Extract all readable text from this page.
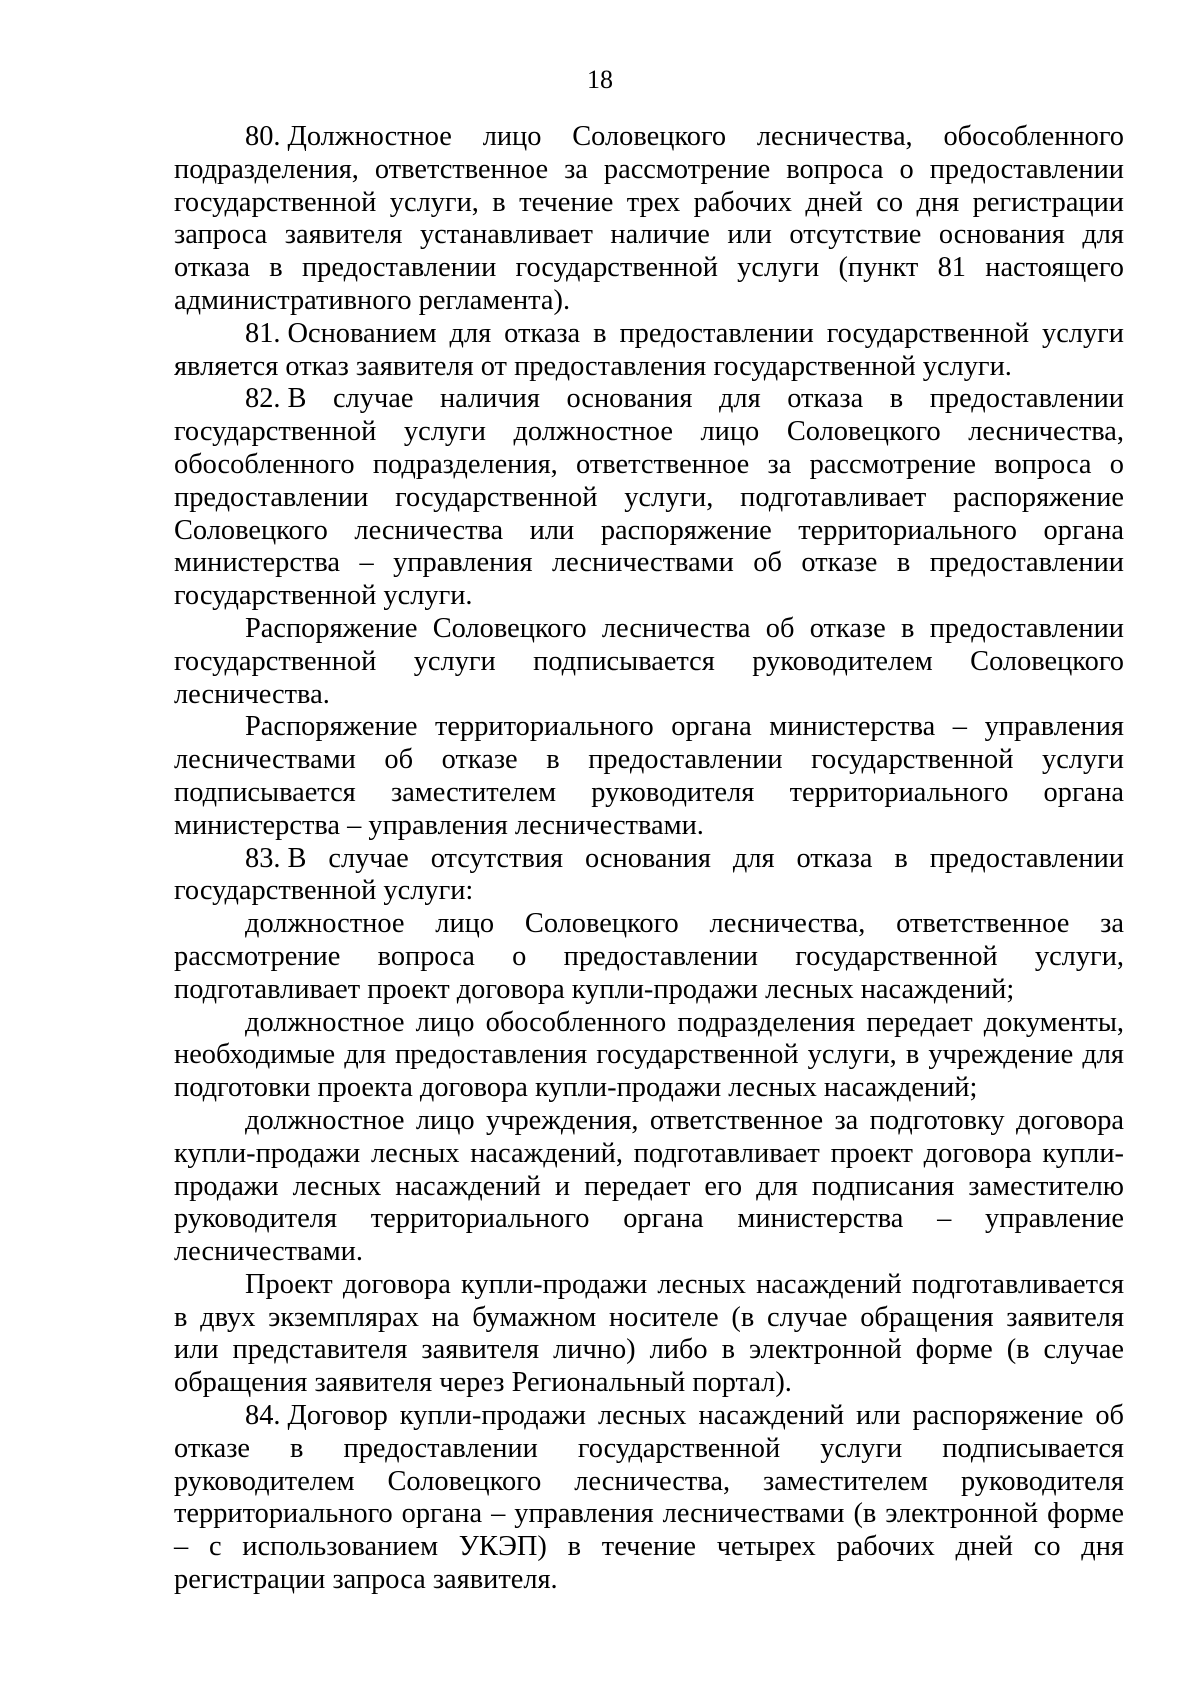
18

80. Должностное лицо Соловецкого лесничества, обособленного подразделения, ответственное за рассмотрение вопроса о предоставлении государственной услуги, в течение трех рабочих дней со дня регистрации запроса заявителя устанавливает наличие или отсутствие основания для отказа в предоставлении государственной услуги (пункт 81 настоящего административного регламента).

81. Основанием для отказа в предоставлении государственной услуги является отказ заявителя от предоставления государственной услуги.

82. В случае наличия основания для отказа в предоставлении государственной услуги должностное лицо Соловецкого лесничества, обособленного подразделения, ответственное за рассмотрение вопроса о предоставлении государственной услуги, подготавливает распоряжение Соловецкого лесничества или распоряжение территориального органа министерства – управления лесничествами об отказе в предоставлении государственной услуги.

Распоряжение Соловецкого лесничества об отказе в предоставлении государственной услуги подписывается руководителем Соловецкого лесничества.

Распоряжение территориального органа министерства – управления лесничествами об отказе в предоставлении государственной услуги подписывается заместителем руководителя территориального органа министерства – управления лесничествами.

83. В случае отсутствия основания для отказа в предоставлении государственной услуги:

должностное лицо Соловецкого лесничества, ответственное за рассмотрение вопроса о предоставлении государственной услуги, подготавливает проект договора купли-продажи лесных насаждений;

должностное лицо обособленного подразделения передает документы, необходимые для предоставления государственной услуги, в учреждение для подготовки проекта договора купли-продажи лесных насаждений;

должностное лицо учреждения, ответственное за подготовку договора купли-продажи лесных насаждений, подготавливает проект договора купли-продажи лесных насаждений и передает его для подписания заместителю руководителя территориального органа министерства – управление лесничествами.

Проект договора купли-продажи лесных насаждений подготавливается в двух экземплярах на бумажном носителе (в случае обращения заявителя или представителя заявителя лично) либо в электронной форме (в случае обращения заявителя через Региональный портал).

84. Договор купли-продажи лесных насаждений или распоряжение об отказе в предоставлении государственной услуги подписывается руководителем Соловецкого лесничества, заместителем руководителя территориального органа – управления лесничествами (в электронной форме – с использованием УКЭП) в течение четырех рабочих дней со дня регистрации запроса заявителя.
